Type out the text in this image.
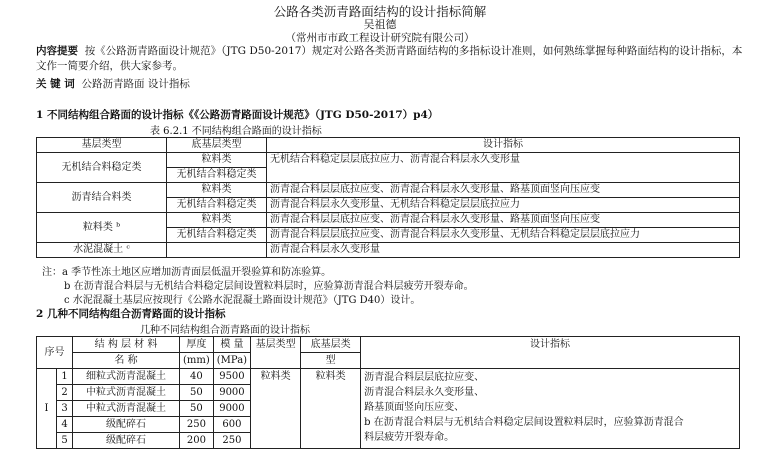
公路各类沥青路面结构的设计指标简解
吴祖德
（常州市市政工程设计研究院有限公司）
内容提要 按《公路沥青路面设计规范》（JTG D50-2017）规定对公路各类沥青路面结构的多指标设计准则，如何熟练掌握每种路面结构的设计指标，本文作一简要介绍，供大家参考。
关 键 词 公路沥青路面 设计指标
1 不同结构组合路面的设计指标《《公路沥青路面设计规范》（JTG D50-2017）p4）
表 6.2.1 不同结构组合路面的设计指标
基层类型	底基层类型	设计指标
无机结合料稳定类	粒料类	无机结合料稳定层层底拉应力、沥青混合料层永久变形量
	无机结合料稳定类	
沥青结合料类	粒料类	沥青混合料层层底拉应变、沥青混合料层永久变形量、路基顶面竖向压应变
	无机结合料稳定类	沥青混合料层永久变形量、无机结合料稳定层层底拉应力
粒料类 ᵇ	粒料类	沥青混合料层层底拉应变、沥青混合料层永久变形量、路基顶面竖向压应变
	无机结合料稳定类	沥青混合料层层底拉应变、沥青混合料层永久变形量、无机结合料稳定层层底拉应力
水泥混凝土 ᶜ		沥青混合料层永久变形量
注：a 季节性冻土地区应增加沥青面层低温开裂验算和防冻验算。
b 在沥青混合料层与无机结合料稳定层间设置粒料层时，应验算沥青混合料层疲劳开裂寿命。
c 水泥混凝土基层应按现行《公路水泥混凝土路面设计规范》（JTG D40）设计。
2 几种不同结构组合沥青路面的设计指标
几种不同结构组合沥青路面的设计指标
序号		结 构 层 材 料	厚度	模 量	基层类型	底基层类	设计指标
		名 称	(mm)	(MPa)		型	
Ⅰ	1	细粒式沥青混凝土	40	9500	粒料类	粒料类	沥青混合料层层底拉应变、
沥青混合料层永久变形量、
路基顶面竖向压应变、
b 在沥青混合料层与无机结合料稳定层间设置粒料层时，应验算沥青混合
料层疲劳开裂寿命。

	2	中粒式沥青混凝土	50	9000			
	3	中粒式沥青混凝土	50	9000			
	4	级配碎石	250	600			
	5	级配碎石	200	250			
